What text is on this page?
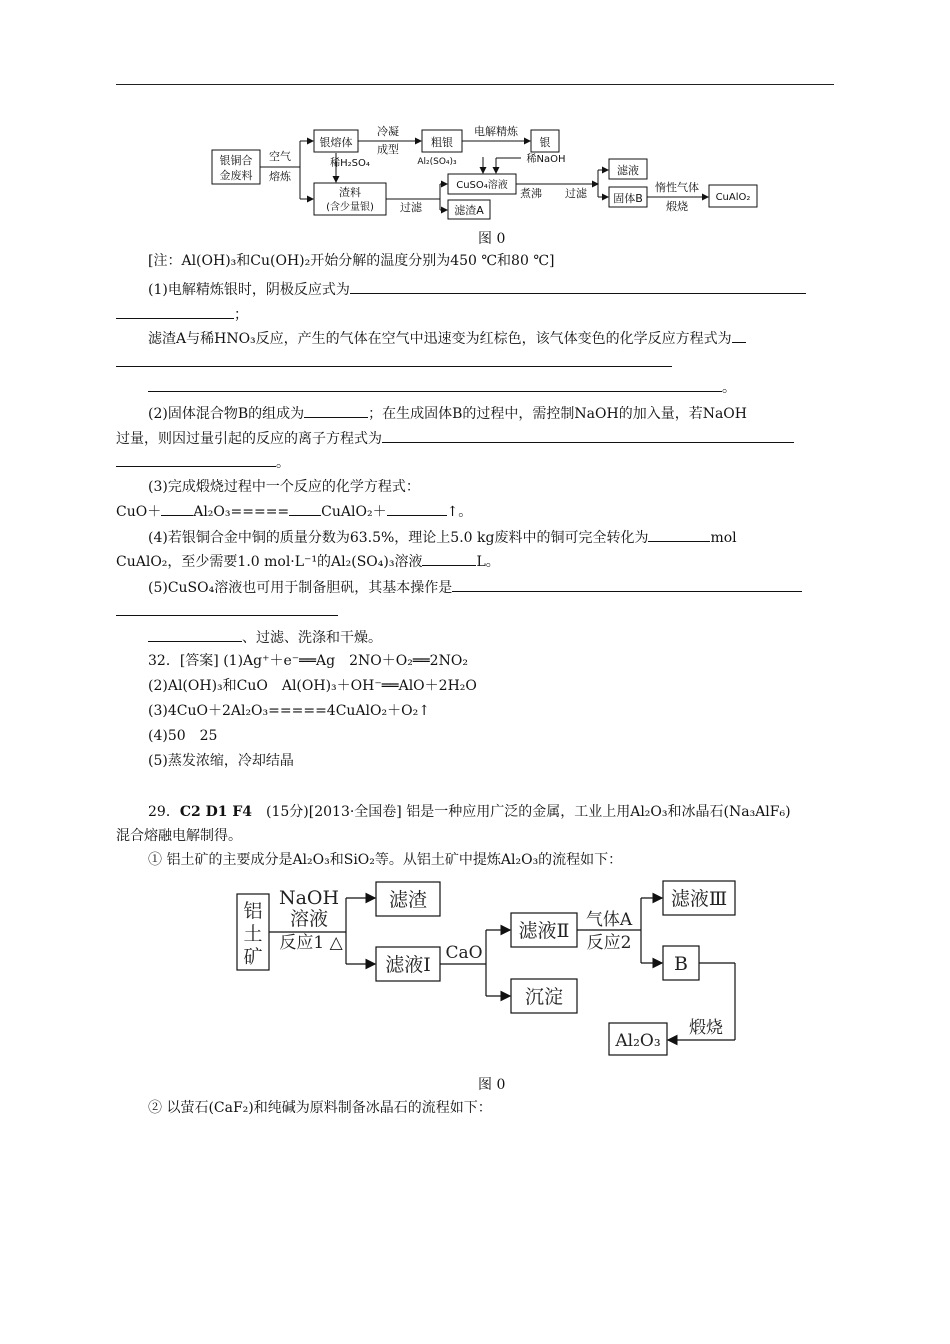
银铜合
金废料
银熔体	粗银	银
渣料
(含少量银)
CuSO₄溶液
滤渣A
滤液
固体B	CuAlO₂
空气
熔炼
冷凝
成型
电解精炼
稀H₂SO₄	Al₂(SO₄)₃	稀NaOH
过滤
煮沸 过滤	惰性气体
煅烧
图 0
[注：Al(OH)₃和Cu(OH)₂开始分解的温度分别为450 ℃和80 ℃]
(1)电解精炼银时，阴极反应式为
；
滤渣A与稀HNO₃反应，产生的气体在空气中迅速变为红棕色，该气体变色的化学反应方程式为
。
(2)固体混合物B的组成为	；在生成固体B的过程中，需控制NaOH的加入量，若NaOH
过量，则因过量引起的反应的离子方程式为
。
(3)完成煅烧过程中一个反应的化学方程式：
CuO＋ Al₂O₃===== CuAlO₂＋	↑。
(4)若银铜合金中铜的质量分数为63.5%，理论上5.0 kg废料中的铜可完全转化为	mol
CuAlO₂，至少需要1.0 mol·L⁻¹的Al₂(SO₄)₃溶液	L。
(5)CuSO₄溶液也可用于制备胆矾，其基本操作是
、过滤、洗涤和干燥。
32．[答案] (1)Ag⁺＋e⁻══Ag　2NO＋O₂══2NO₂
(2)Al(OH)₃和CuO　Al(OH)₃＋OH⁻══AlO＋2H₂O
(3)4CuO＋2Al₂O₃=====4CuAlO₂＋O₂↑
(4)50　25
(5)蒸发浓缩，冷却结晶
29．C2 D1 F4　 (15分)[2013·全国卷] 铝是一种应用广泛的金属，工业上用Al₂O₃和冰晶石(Na₃AlF₆)
混合熔融电解制得。
① 铝土矿的主要成分是Al₂O₃和SiO₂等。从铝土矿中提炼Al₂O₃的流程如下：
铝
土
矿
NaOH
溶液
反应1 △
滤渣
滤液Ⅰ
CaO
滤液Ⅱ 气体A
反应2
滤液Ⅲ
沉淀
B
煅烧
Al₂O₃
图 0
② 以萤石(CaF₂)和纯碱为原料制备冰晶石的流程如下：
